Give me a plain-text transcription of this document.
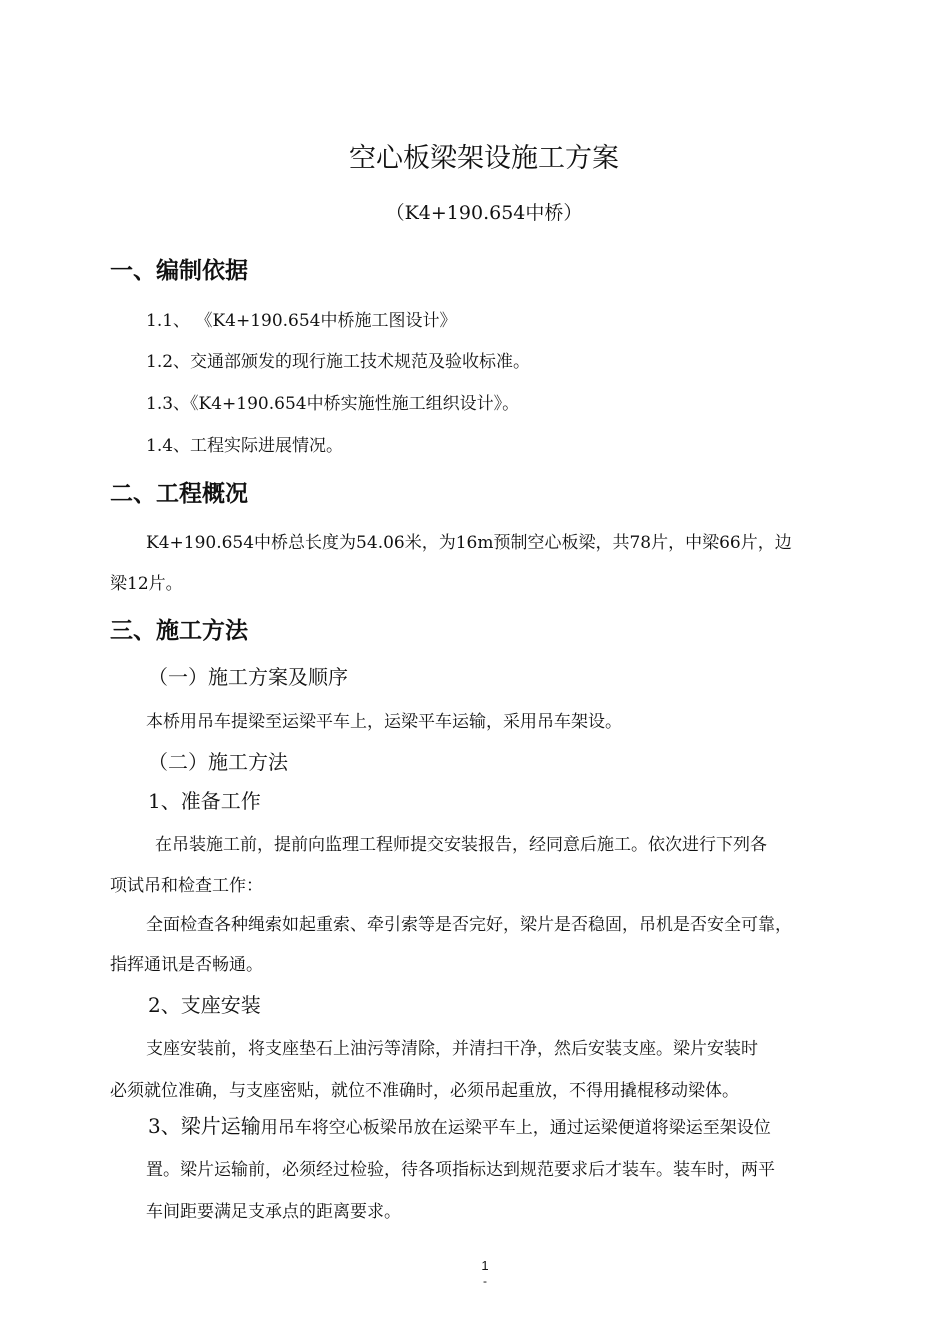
空心板梁架设施工方案
（K4+190.654中桥）
一、编制依据
1.1、 《K4+190.654中桥施工图设计》
1.2、交通部颁发的现行施工技术规范及验收标准。
1.3、《K4+190.654中桥实施性施工组织设计》。
1.4、工程实际进展情况。
二、工程概况
K4+190.654中桥总长度为54.06米，为16m预制空心板梁，共78片，中梁66片，边
梁12片。
三、施工方法
（一）施工方案及顺序
本桥用吊车提梁至运梁平车上，运梁平车运输，采用吊车架设。
（二）施工方法
1、准备工作
在吊装施工前，提前向监理工程师提交安装报告，经同意后施工。依次进行下列各
项试吊和检查工作：
全面检查各种绳索如起重索、牵引索等是否完好，梁片是否稳固，吊机是否安全可靠，
指挥通讯是否畅通。
2、支座安装
支座安装前，将支座垫石上油污等清除，并清扫干净，然后安装支座。梁片安装时
必须就位准确，与支座密贴，就位不准确时，必须吊起重放，不得用撬棍移动梁体。
3、梁片运输用吊车将空心板梁吊放在运梁平车上，通过运梁便道将梁运至架设位
置。梁片运输前，必须经过检验，待各项指标达到规范要求后才装车。装车时，两平
车间距要满足支承点的距离要求。
1
-
